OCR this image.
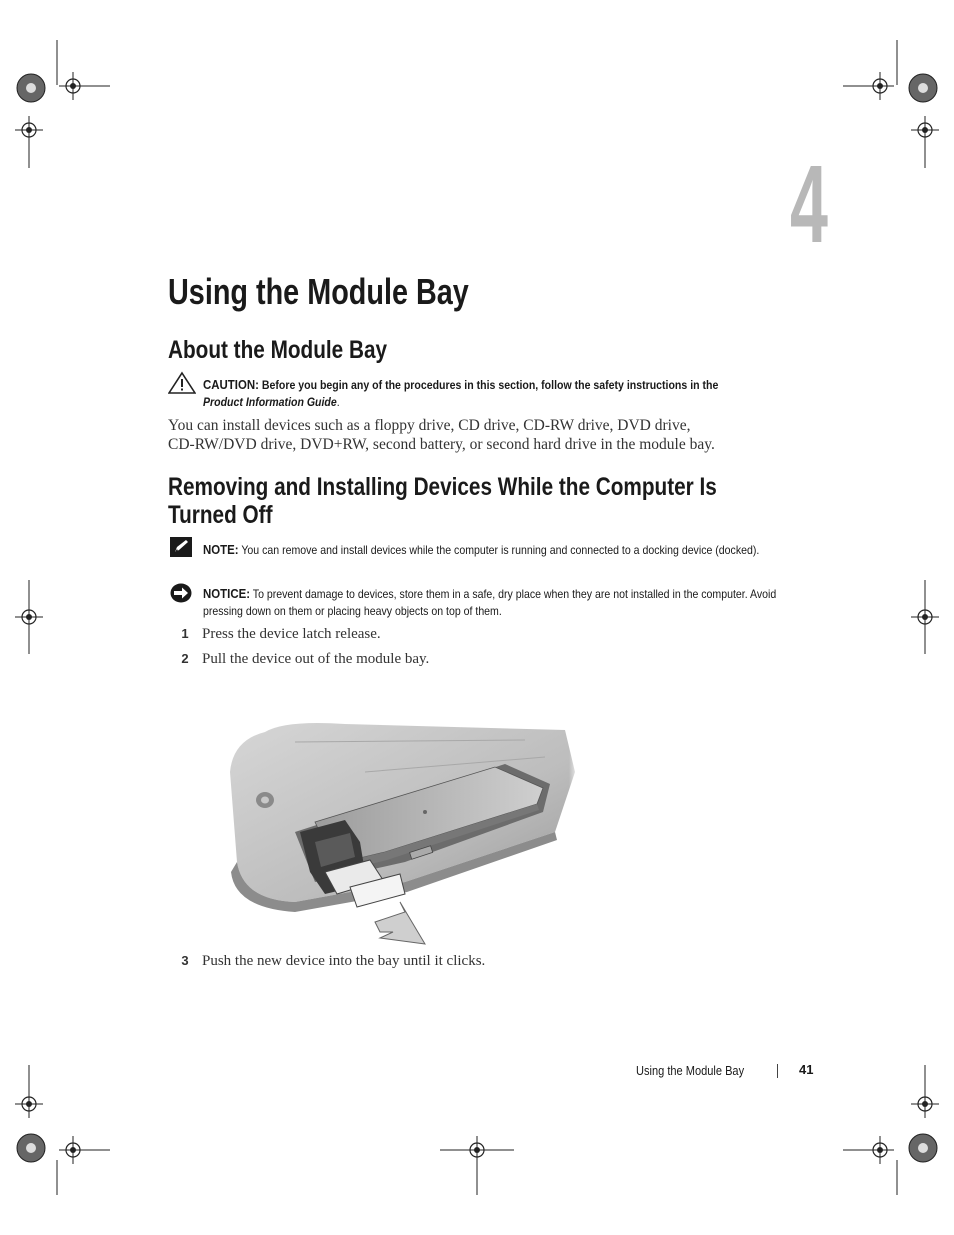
4
Using the Module Bay
About the Module Bay
CAUTION: Before you begin any of the procedures in this section, follow the safety instructions in the
Product Information Guide.
You can install devices such as a floppy drive, CD drive, CD-RW drive, DVD drive,
CD-RW/DVD drive, DVD+RW, second battery, or second hard drive in the module bay.
Removing and Installing Devices While the Computer Is
Turned Off
NOTE: You can remove and install devices while the computer is running and connected to a docking device (docked).
NOTICE: To prevent damage to devices, store them in a safe, dry place when they are not installed in the computer. Avoid pressing down on them or placing heavy objects on top of them.
1 Press the device latch release.
2 Pull the device out of the module bay.
3 Push the new device into the bay until it clicks.
Using the Module Bay	41
